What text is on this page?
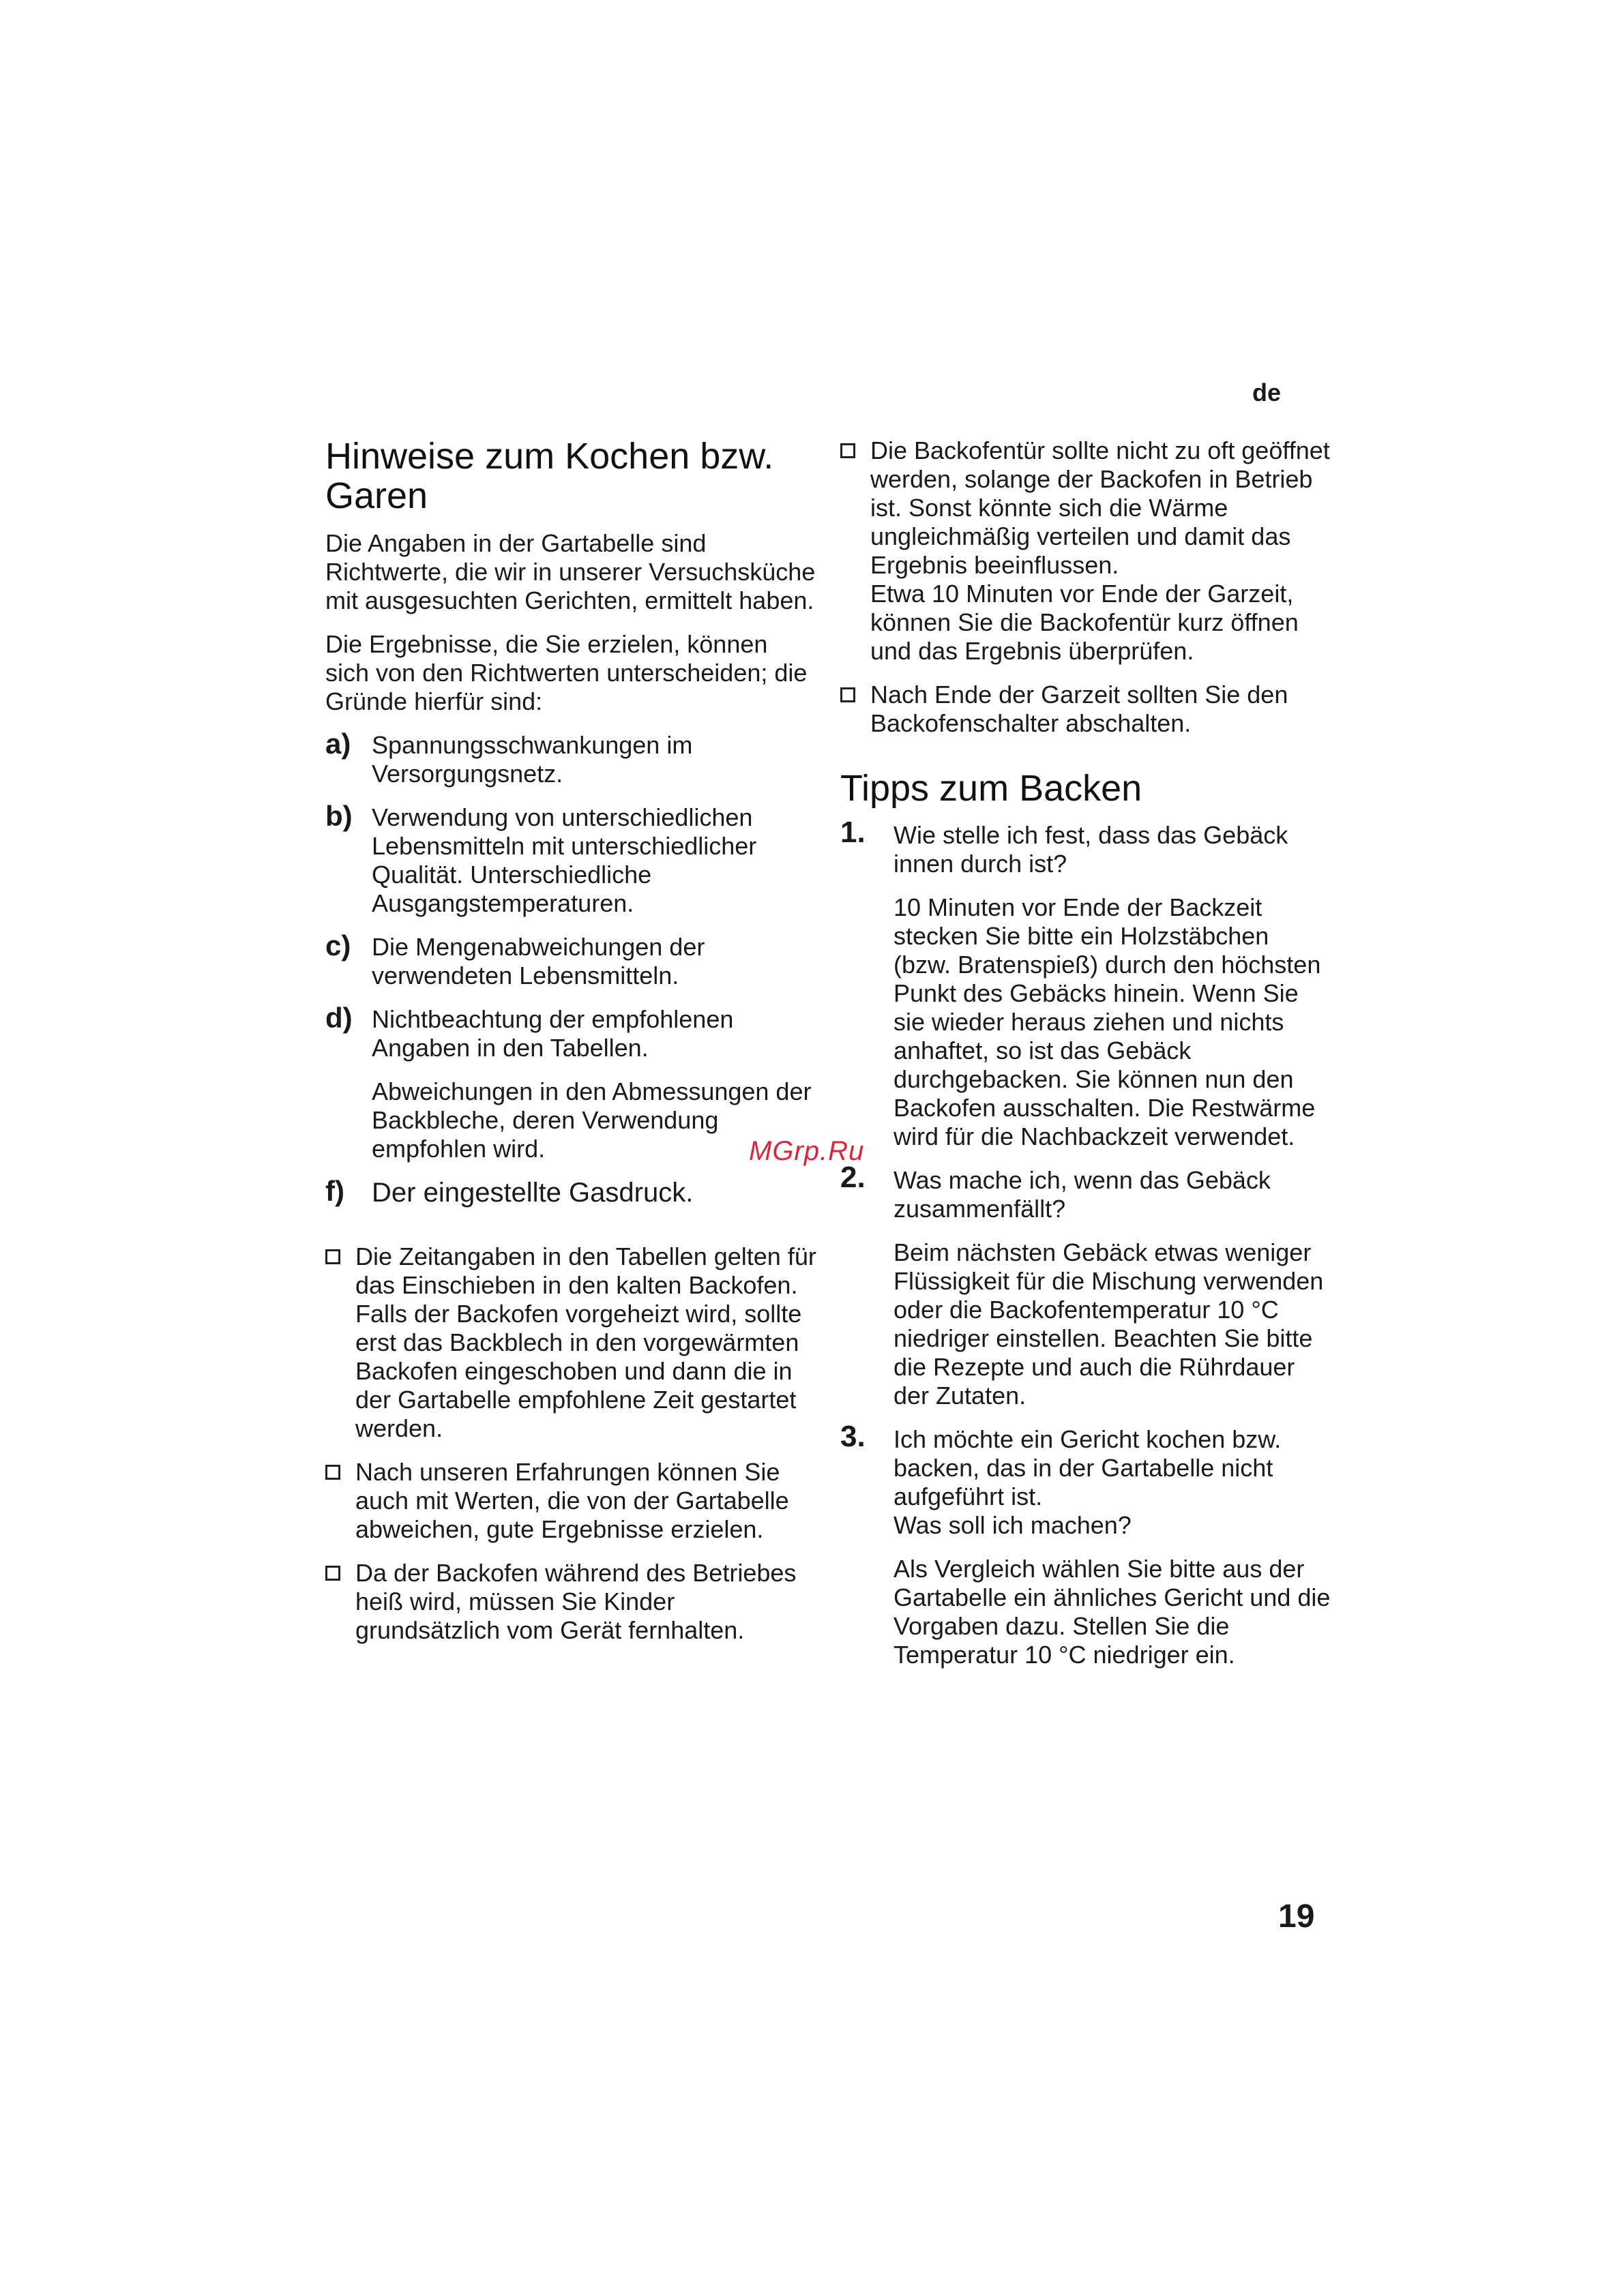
de
Hinweise zum Kochen bzw. Garen

Die Angaben in der Gartabelle sind Richtwerte, die wir in unserer Versuchsküche mit ausgesuchten Gerichten, ermittelt haben.

Die Ergebnisse, die Sie erzielen, können sich von den Richtwerten unterscheiden; die Gründe hierfür sind:

a) Spannungsschwankungen im Versorgungsnetz.
b) Verwendung von unterschiedlichen Lebensmitteln mit unterschiedlicher Qualität. Unterschiedliche Ausgangstemperaturen.
c) Die Mengenabweichungen der verwendeten Lebensmitteln.
d) Nichtbeachtung der empfohlenen Angaben in den Tabellen.
Abweichungen in den Abmessungen der Backbleche, deren Verwendung empfohlen wird.
f) Der eingestellte Gasdruck.
Die Zeitangaben in den Tabellen gelten für das Einschieben in den kalten Backofen. Falls der Backofen vorgeheizt wird, sollte erst das Backblech in den vorgewärmten Backofen eingeschoben und dann die in der Gartabelle empfohlene Zeit gestartet werden.
Nach unseren Erfahrungen können Sie auch mit Werten, die von der Gartabelle abweichen, gute Ergebnisse erzielen.
Da der Backofen während des Betriebes heiß wird, müssen Sie Kinder grundsätzlich vom Gerät fernhalten.
Die Backofentür sollte nicht zu oft geöffnet werden, solange der Backofen in Betrieb ist. Sonst könnte sich die Wärme ungleichmäßig verteilen und damit das Ergebnis beeinflussen.
Etwa 10 Minuten vor Ende der Garzeit, können Sie die Backofentür kurz öffnen und das Ergebnis überprüfen.
Nach Ende der Garzeit sollten Sie den Backofenschalter abschalten.
Tipps zum Backen
1. Wie stelle ich fest, dass das Gebäck innen durch ist?
10 Minuten vor Ende der Backzeit stecken Sie bitte ein Holzstäbchen (bzw. Bratenspieß) durch den höchsten Punkt des Gebäcks hinein. Wenn Sie sie wieder heraus ziehen und nichts anhaftet, so ist das Gebäck durchgebacken. Sie können nun den Backofen ausschalten. Die Restwärme wird für die Nachbackzeit verwendet.
2. Was mache ich, wenn das Gebäck zusammenfällt?
Beim nächsten Gebäck etwas weniger Flüssigkeit für die Mischung verwenden oder die Backofentemperatur 10 °C niedriger einstellen. Beachten Sie bitte die Rezepte und auch die Rührdauer der Zutaten.
3. Ich möchte ein Gericht kochen bzw. backen, das in der Gartabelle nicht aufgeführt ist.
Was soll ich machen?
Als Vergleich wählen Sie bitte aus der Gartabelle ein ähnliches Gericht und die Vorgaben dazu. Stellen Sie die Temperatur 10 °C niedriger ein.
MGrp.Ru
19
